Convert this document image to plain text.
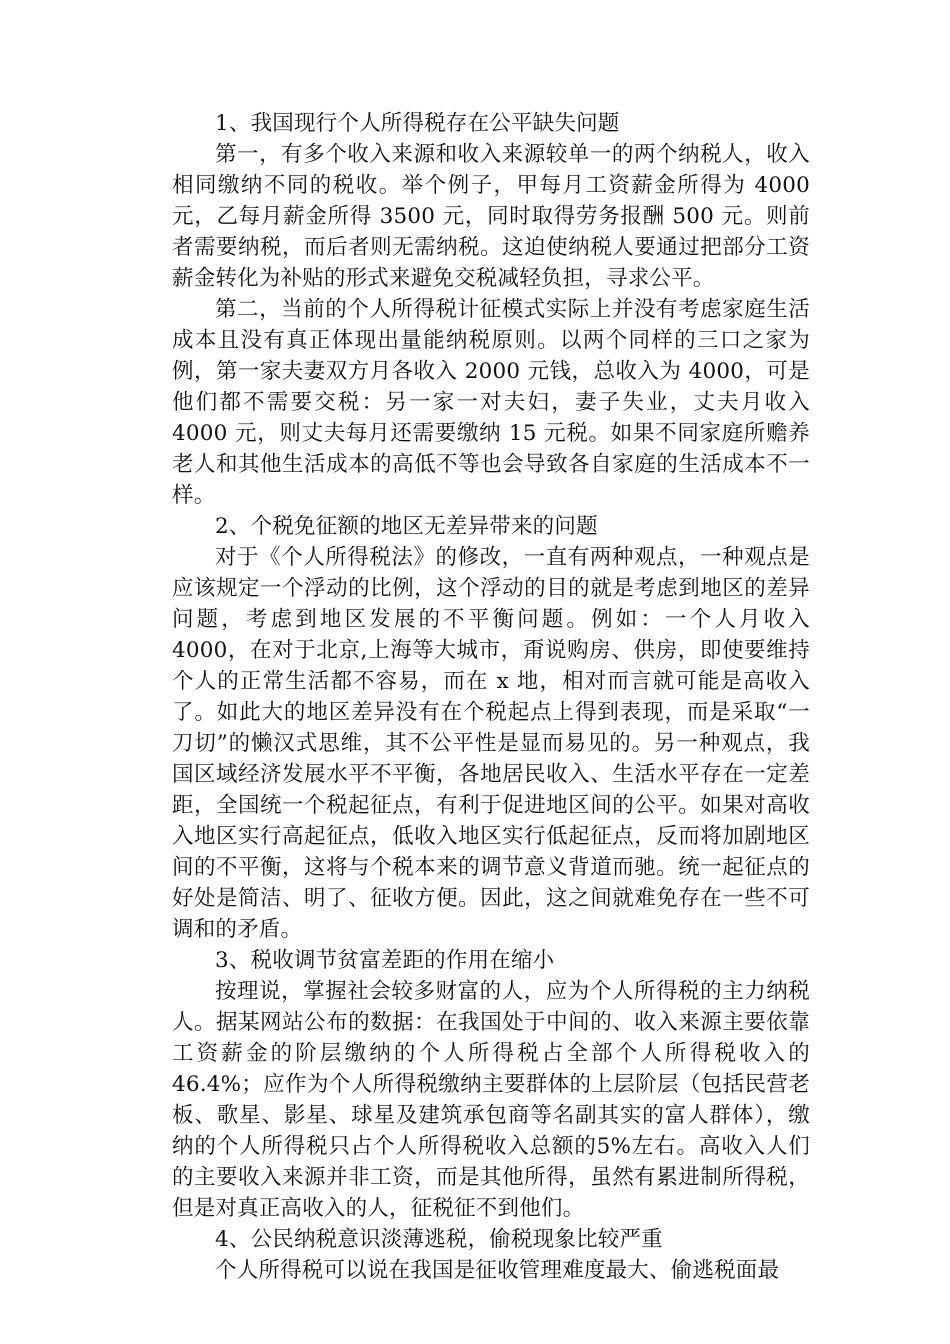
1、我国现行个人所得税存在公平缺失问题

第一，有多个收入来源和收入来源较单一的两个纳税人，收入相同缴纳不同的税收。举个例子，甲每月工资薪金所得为 4000 元，乙每月薪金所得 3500 元，同时取得劳务报酬 500 元。则前者需要纳税，而后者则无需纳税。这迫使纳税人要通过把部分工资薪金转化为补贴的形式来避免交税减轻负担，寻求公平。

第二，当前的个人所得税计征模式实际上并没有考虑家庭生活成本且没有真正体现出量能纳税原则。以两个同样的三口之家为例，第一家夫妻双方月各收入 2000 元钱，总收入为 4000，可是他们都不需要交税：另一家一对夫妇，妻子失业，丈夫月收入 4000 元，则丈夫每月还需要缴纳 15 元税。如果不同家庭所赡养老人和其他生活成本的高低不等也会导致各自家庭的生活成本不一样。

2、个税免征额的地区无差异带来的问题

对于《个人所得税法》的修改，一直有两种观点，一种观点是应该规定一个浮动的比例，这个浮动的目的就是考虑到地区的差异问题，考虑到地区发展的不平衡问题。例如：一个人月收入4000，在对于北京,上海等大城市，甭说购房、供房，即使要维持个人的正常生活都不容易，而在 x 地，相对而言就可能是高收入了。如此大的地区差异没有在个税起点上得到表现，而是采取“一刀切”的懒汉式思维，其不公平性是显而易见的。另一种观点，我国区域经济发展水平不平衡，各地居民收入、生活水平存在一定差距，全国统一个税起征点，有利于促进地区间的公平。如果对高收入地区实行高起征点，低收入地区实行低起征点，反而将加剧地区间的不平衡，这将与个税本来的调节意义背道而驰。统一起征点的好处是简洁、明了、征收方便。因此，这之间就难免存在一些不可调和的矛盾。

3、税收调节贫富差距的作用在缩小

按理说，掌握社会较多财富的人，应为个人所得税的主力纳税人。据某网站公布的数据：在我国处于中间的、收入来源主要依靠工资薪金的阶层缴纳的个人所得税占全部个人所得税收入的46.4%；应作为个人所得税缴纳主要群体的上层阶层（包括民营老板、歌星、影星、球星及建筑承包商等名副其实的富人群体），缴纳的个人所得税只占个人所得税收入总额的5%左右。高收入人们的主要收入来源并非工资，而是其他所得，虽然有累进制所得税，但是对真正高收入的人，征税征不到他们。

4、公民纳税意识淡薄逃税，偷税现象比较严重

个人所得税可以说在我国是征收管理难度最大、偷逃税面最
